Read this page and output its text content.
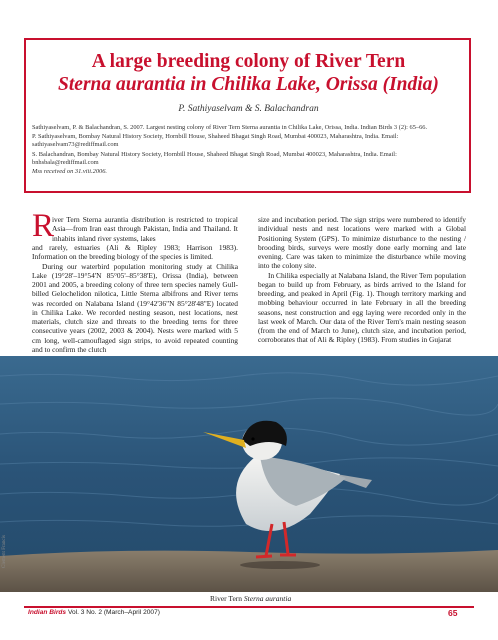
A large breeding colony of River Tern
Sterna aurantia in Chilika Lake, Orissa (India)
P. Sathiyaselvam & S. Balachandran

Sathiyaselvam, P. & Balachandran, S. 2007. Largest nesting colony of River Tern Sterna aurantia in Chilika Lake, Orissa, India. Indian Birds 3 (2): 65–66.

P. Sathiyaselvam, Bombay Natural History Society, Hornbill House, Shaheed Bhagat Singh Road, Mumbai 400023, Maharashtra, India. Email: sathiyaselvam73@rediffmail.com

S. Balachandran, Bombay Natural History Society, Hornbill House, Shaheed Bhagat Singh Road, Mumbai 400023, Maharashtra, India. Email: bnhsbala@rediffmail.com

Mss received on 31.viii.2006.

R

iver Tern Sterna aurantia distribution is restricted to tropical Asia—from Iran east through Pakistan, India and Thailand. It inhabits inland river systems, lakes

and rarely, estuaries (Ali & Ripley 1983; Harrison 1983). Information on the breeding biology of the species is limited.

During our waterbird population monitoring study at Chilika Lake (19°28'–19°54'N 85°05'–85°38'E), Orissa (India), between 2001 and 2005, a breeding colony of three tern species namely Gull-billed Gelochelidon nilotica, Little Sterna albifrons and River terns was recorded on Nalabana Island (19°42'36"N 85°28'48"E) located in Chilika Lake. We recorded nesting season, nest locations, nest materials, clutch size and threats to the breeding terns for three consecutive years (2002, 2003 & 2004). Nests were marked with 5 cm long, well-camouflaged sign strips, to avoid repeated counting and to confirm the clutch

size and incubation period. The sign strips were numbered to identify individual nests and nest locations were marked with a Global Positioning System (GPS). To minimize disturbance to the nesting / brooding birds, surveys were mostly done early morning and late evening. Care was taken to minimize the disturbance while moving into the colony site.

In Chilika especially at Nalabana Island, the River Tern population began to build up from February, as birds arrived to the Island for breeding, and peaked in April (Fig. 1). Though territory marking and mobbing behaviour occurred in late February in all the breeding seasons, nest construction and egg laying were recorded only in the last week of March. Our data of the River Tern's main nesting season (from the end of March to June), clutch size, and incubation period, corroborates that of Ali & Ripley (1983). From studies in Gujarat

Clement Francis
River Tern Sterna aurantia
Indian Birds Vol. 3 No. 2 (March–April 2007)	65
